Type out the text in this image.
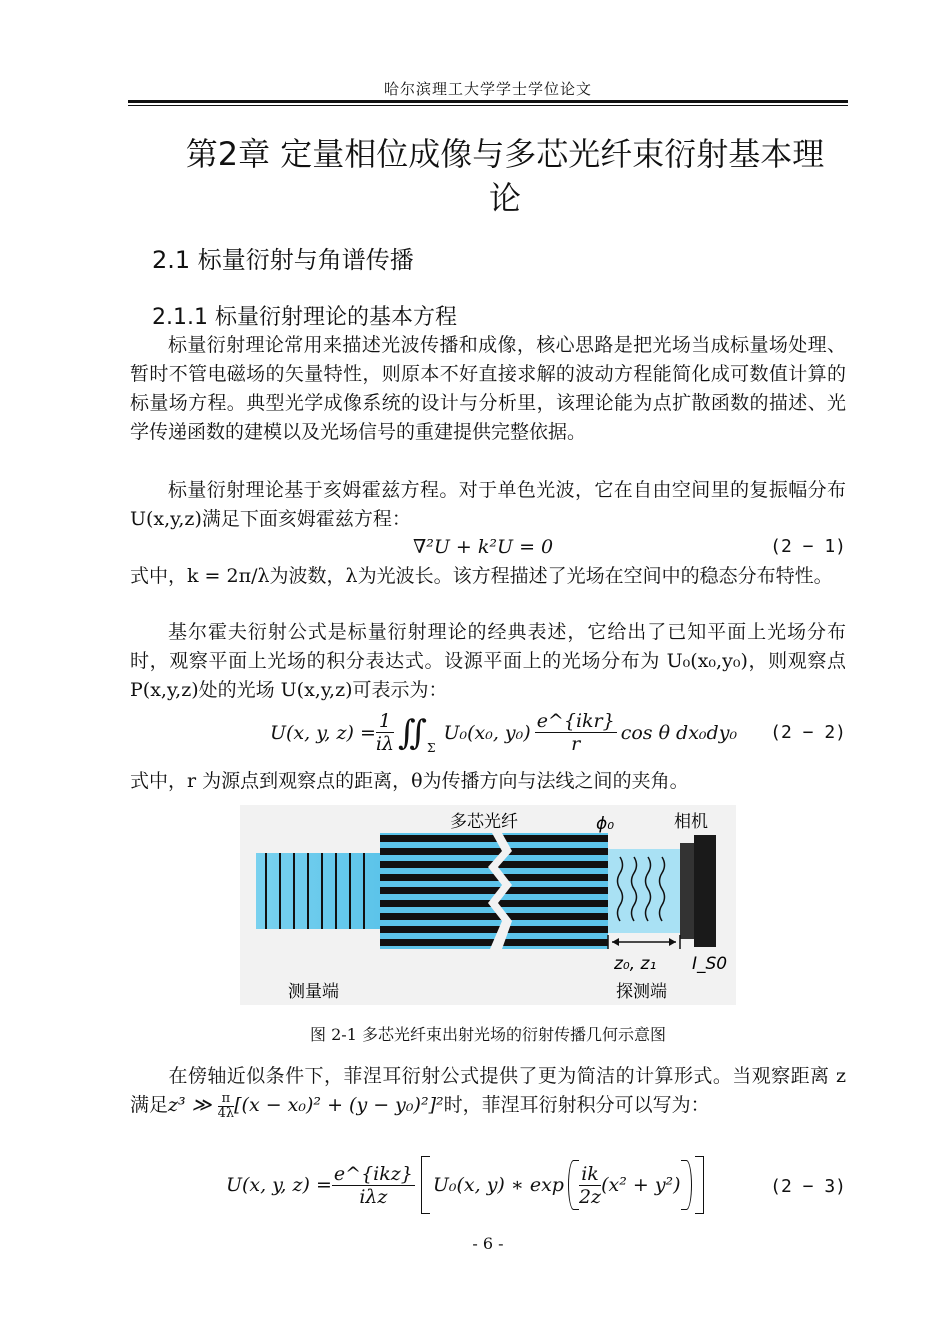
哈尔滨理工大学学士学位论文
第2章 定量相位成像与多芯光纤束衍射基本理
论
2.1 标量衍射与角谱传播
2.1.1 标量衍射理论的基本方程

标量衍射理论常用来描述光波传播和成像，核心思路是把光场当成标量场处理、暂时不管电磁场的矢量特性，则原本不好直接求解的波动方程能简化成可数值计算的标量场方程。典型光学成像系统的设计与分析里，该理论能为点扩散函数的描述、光学传递函数的建模以及光场信号的重建提供完整依据。

标量衍射理论基于亥姆霍兹方程。对于单色光波，它在自由空间里的复振幅分布 U(x,y,z)满足下面亥姆霍兹方程：

∇²U + k²U = 0	(2 − 1)

式中，k = 2π/λ为波数，λ为光波长。该方程描述了光场在空间中的稳态分布特性。

基尔霍夫衍射公式是标量衍射理论的经典表述，它给出了已知平面上光场分布时，观察平面上光场的积分表达式。设源平面上的光场分布为 U₀(x₀,y₀)，则观察点 P(x,y,z)处的光场 U(x,y,z)可表示为：

U(x, y, $z) = \frac{1}{i\lambda}$ ∬ Σ
U₀(x₀, $y_0) \frac{\text{e\textasciicircum{}\{ikr\}}}{r}$ cos θ dx₀dy₀ (2 − 2)

式中，r 为源点到观察点的距离，θ为传播方向与法线之间的夹角。

多芯光纤	ϕ₀	相机
z₀, z₁ I_S0
测量端	探测端
图 2-1 多芯光纤束出射光场的衍射传播几何示意图
在傍轴近似条件下，菲涅耳衍射公式提供了更为简洁的计算形式。当观察距离 z 满足z³ ≫ $\frac{\pi}{4\lambda} [(x - x_0)^2 + (y - y_0)^2]^2$时，菲涅耳衍射积分可以写为：
U(x, y, $z) = \frac{\text{e\textasciicircum{}\{ikz\}}}{\text{iλz}} U_0(x$, y) ∗ $\exp \frac{ik}{2z} (x^2 + y^2)$	(2 − 3)
- 6 -
